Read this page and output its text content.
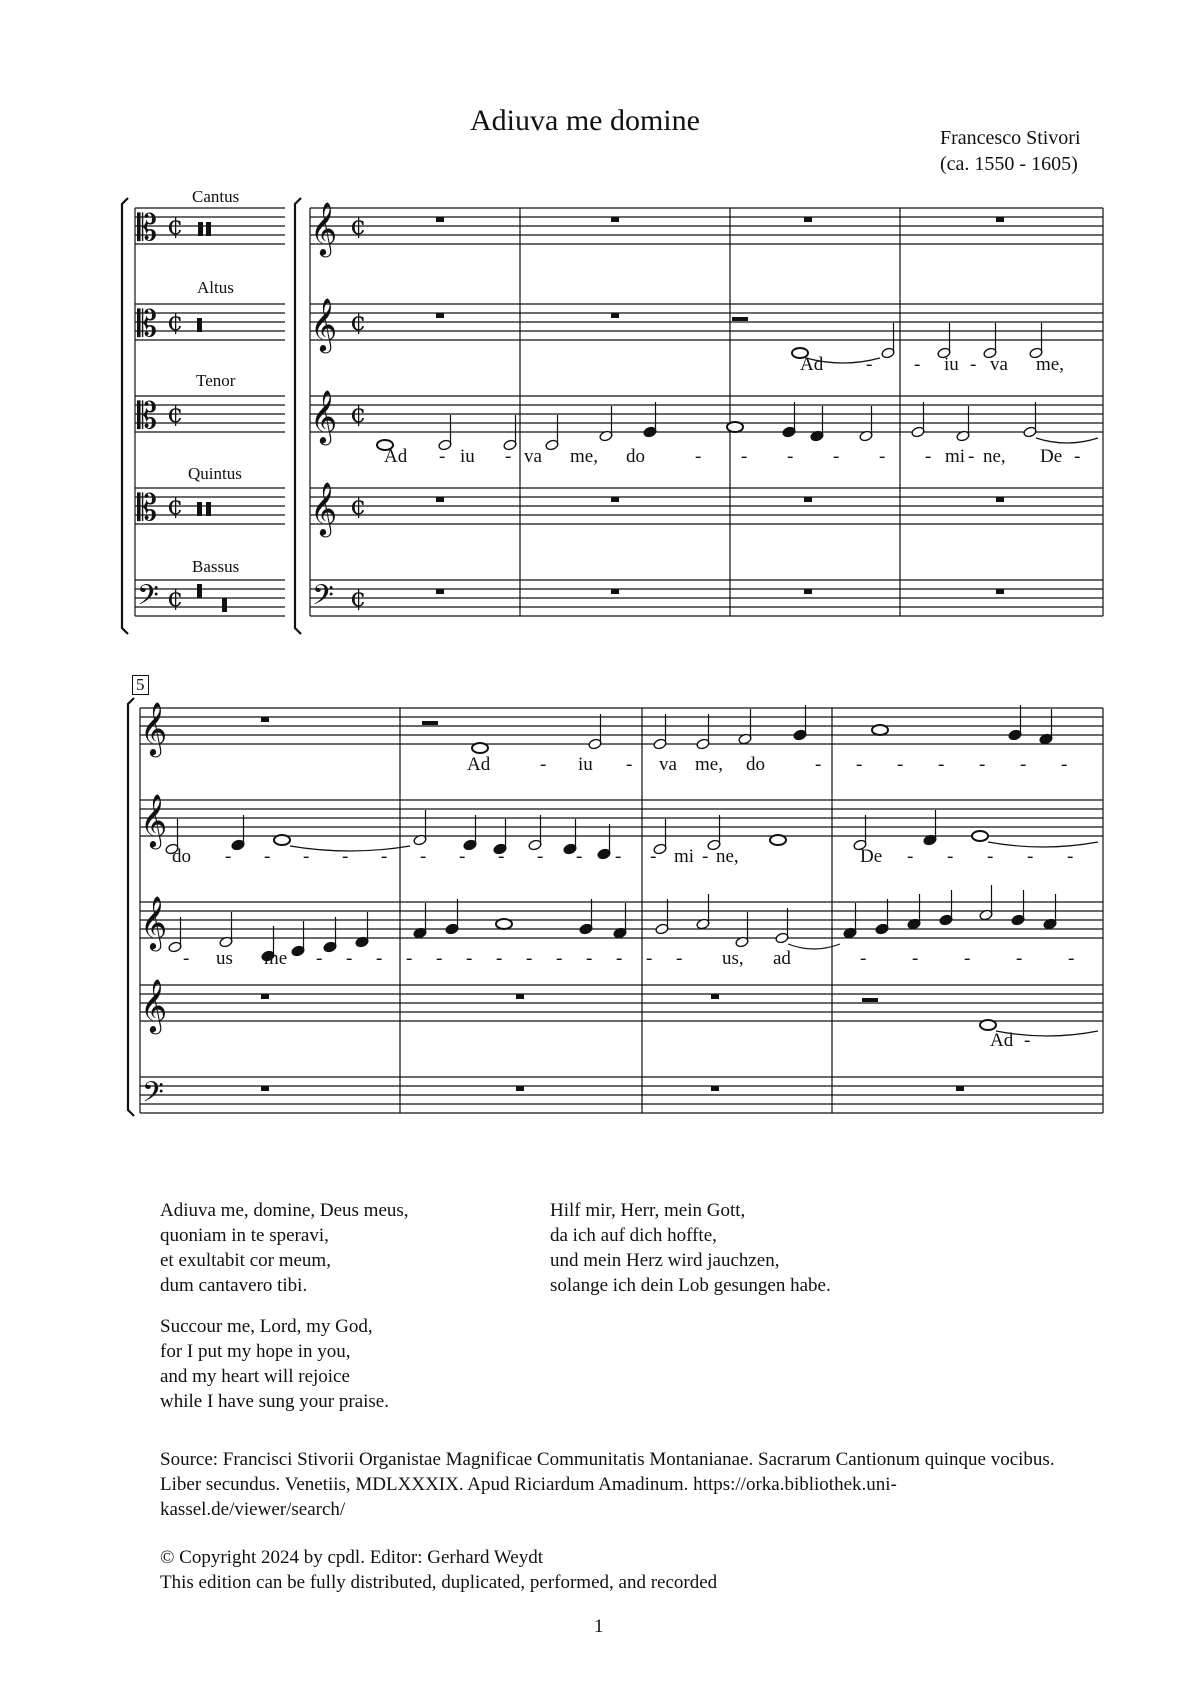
Adiuva me domine
Francesco Stivori
(ca. 1550 - 1605)
Cantus
Altus
Tenor
Quintus
Bassus
𝄡	𝄞
¢	¢
𝄡	𝄞
¢	¢
𝄡	𝄞
¢	¢
𝄡	𝄞
¢	¢
𝄢	𝄢
¢	¢
𝄞
𝄞
𝄞
𝄞
𝄢
Ad - - iu - va me,
Ad - iu - va me, do	- - - - - - mi - ne, De -
5
Ad	- iu - va me, do	- - - - - - -
do - - - - - - - - - - - - mi - ne,	De - - - - -
- us me - - - - - - - - - - - - - us, ad	- - - - -
Ad -
Adiuva me, domine, Deus meus,
quoniam in te speravi,
et exultabit cor meum,
dum cantavero tibi.
Hilf mir, Herr, mein Gott,
da ich auf dich hoffte,
und mein Herz wird jauchzen,
solange ich dein Lob gesungen habe.
Succour me, Lord, my God,
for I put my hope in you,
and my heart will rejoice
while I have sung your praise.
Source: Francisci Stivorii Organistae Magnificae Communitatis Montanianae. Sacrarum Cantionum quinque vocibus. Liber secundus. Venetiis, MDLXXXIX. Apud Riciardum Amadinum. https://orka.bibliothek.uni-kassel.de/viewer/search/
© Copyright 2024 by cpdl. Editor: Gerhard Weydt
This edition can be fully distributed, duplicated, performed, and recorded
1
